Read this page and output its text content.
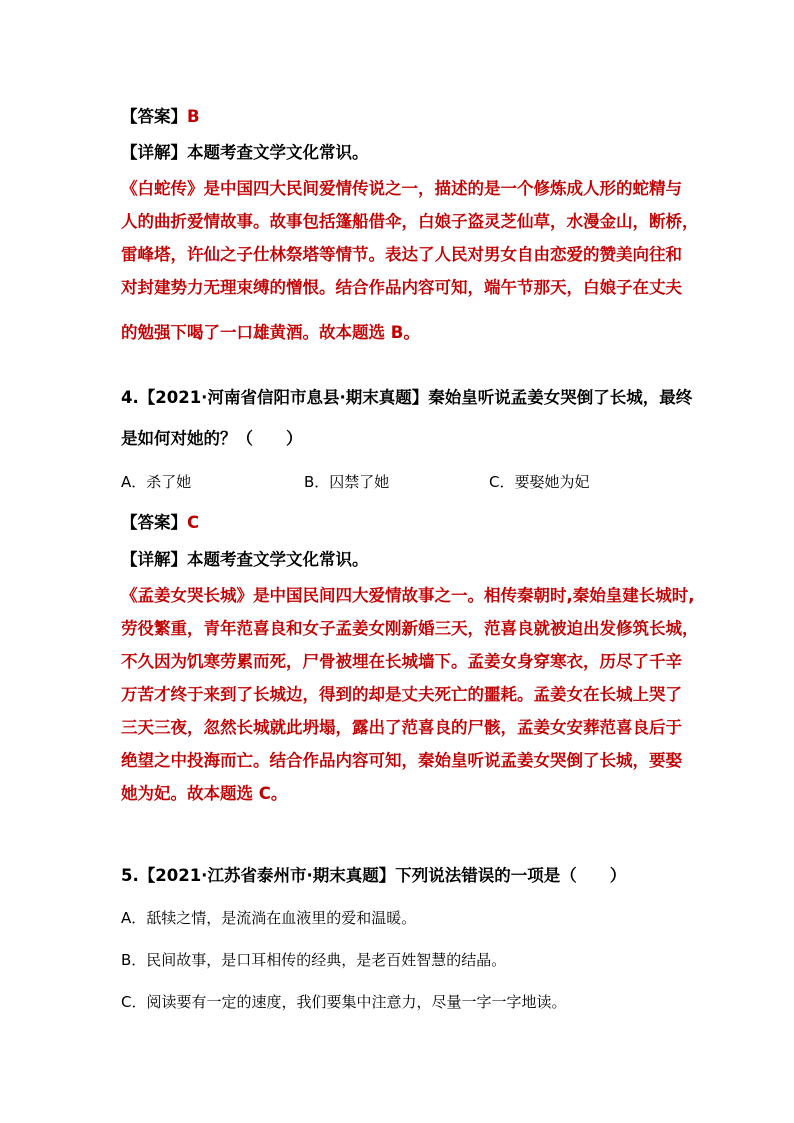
【答案】B
【详解】本题考查文学文化常识。
《白蛇传》是中国四大民间爱情传说之一，描述的是一个修炼成人形的蛇精与
人的曲折爱情故事。故事包括篷船借伞，白娘子盗灵芝仙草，水漫金山，断桥，
雷峰塔，许仙之子仕林祭塔等情节。表达了人民对男女自由恋爱的赞美向往和
对封建势力无理束缚的憎恨。结合作品内容可知，端午节那天，白娘子在丈夫
的勉强下喝了一口雄黄酒。故本题选 B。
4.【2021·河南省信阳市息县·期末真题】秦始皇听说孟姜女哭倒了长城，最终
是如何对她的？（　　）
A．杀了她	B．囚禁了她	C．要娶她为妃
【答案】C
【详解】本题考查文学文化常识。
《孟姜女哭长城》是中国民间四大爱情故事之一。相传秦朝时,秦始皇建长城时,
劳役繁重，青年范喜良和女子孟姜女刚新婚三天，范喜良就被迫出发修筑长城，
不久因为饥寒劳累而死，尸骨被埋在长城墙下。孟姜女身穿寒衣，历尽了千辛
万苦才终于来到了长城边，得到的却是丈夫死亡的噩耗。孟姜女在长城上哭了
三天三夜，忽然长城就此坍塌，露出了范喜良的尸骸，孟姜女安葬范喜良后于
绝望之中投海而亡。结合作品内容可知，秦始皇听说孟姜女哭倒了长城，要娶
她为妃。故本题选 C。
5.【2021·江苏省泰州市·期末真题】下列说法错误的一项是（　　）
A．舐犊之情，是流淌在血液里的爱和温暖。
B．民间故事，是口耳相传的经典，是老百姓智慧的结晶。
C．阅读要有一定的速度，我们要集中注意力，尽量一字一字地读。
